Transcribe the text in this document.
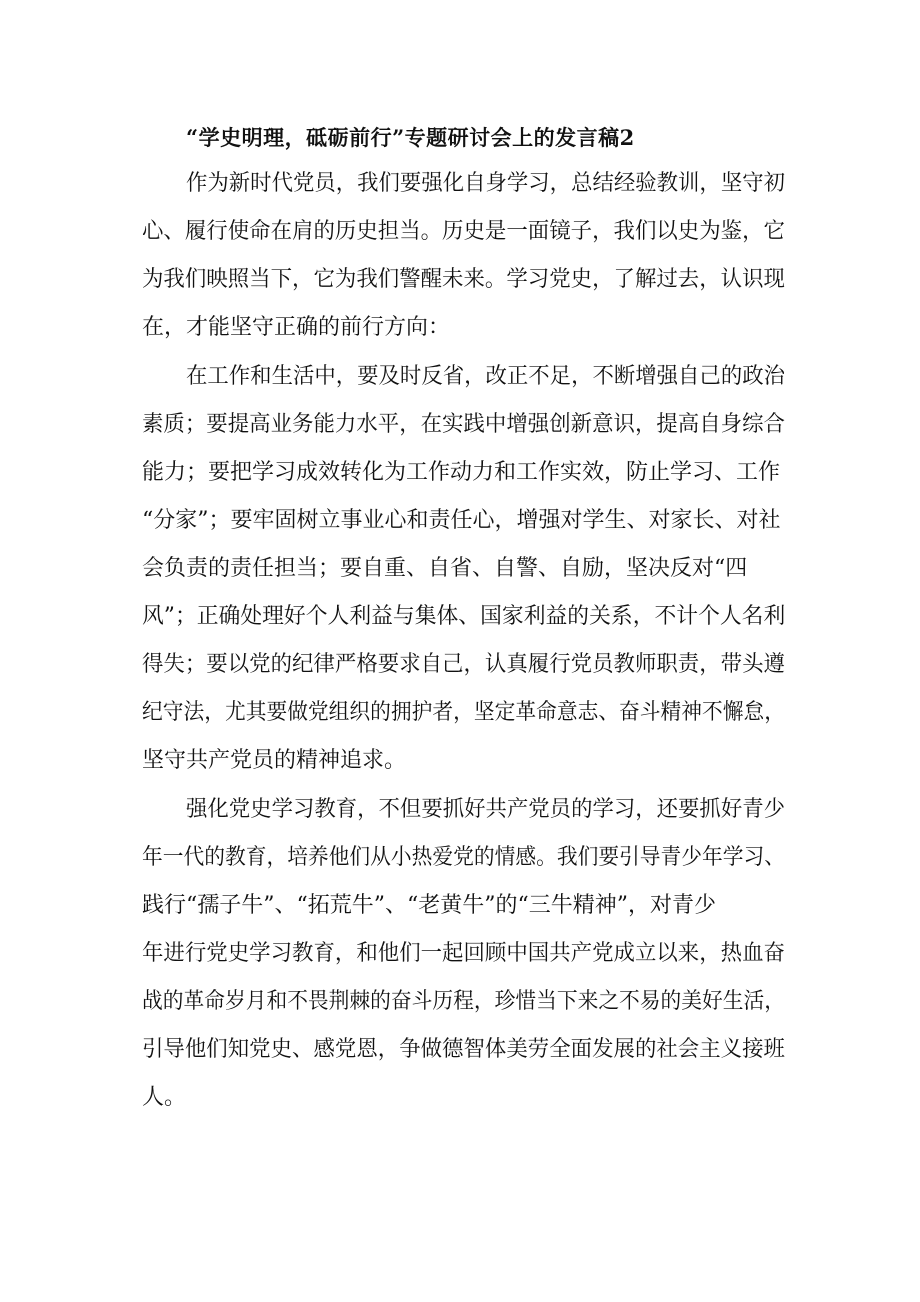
“学史明理，砥砺前行”专题研讨会上的发言稿2
作为新时代党员，我们要强化自身学习，总结经验教训，坚守初
心、履行使命在肩的历史担当。历史是一面镜子，我们以史为鉴，它
为我们映照当下，它为我们警醒未来。学习党史，了解过去，认识现
在，才能坚守正确的前行方向：
在工作和生活中，要及时反省，改正不足，不断增强自己的政治
素质；要提高业务能力水平，在实践中增强创新意识，提高自身综合
能力；要把学习成效转化为工作动力和工作实效，防止学习、工作
“分家”；要牢固树立事业心和责任心，增强对学生、对家长、对社
会负责的责任担当；要自重、自省、自警、自励，坚决反对“四
风”；正确处理好个人利益与集体、国家利益的关系，不计个人名利
得失；要以党的纪律严格要求自己，认真履行党员教师职责，带头遵
纪守法，尤其要做党组织的拥护者，坚定革命意志、奋斗精神不懈怠，
坚守共产党员的精神追求。
强化党史学习教育，不但要抓好共产党员的学习，还要抓好青少
年一代的教育，培养他们从小热爱党的情感。我们要引导青少年学习、
践行“孺子牛”、“拓荒牛”、“老黄牛”的“三牛精神”，对青少
年进行党史学习教育，和他们一起回顾中国共产党成立以来，热血奋
战的革命岁月和不畏荆棘的奋斗历程，珍惜当下来之不易的美好生活，
引导他们知党史、感党恩，争做德智体美劳全面发展的社会主义接班
人。
